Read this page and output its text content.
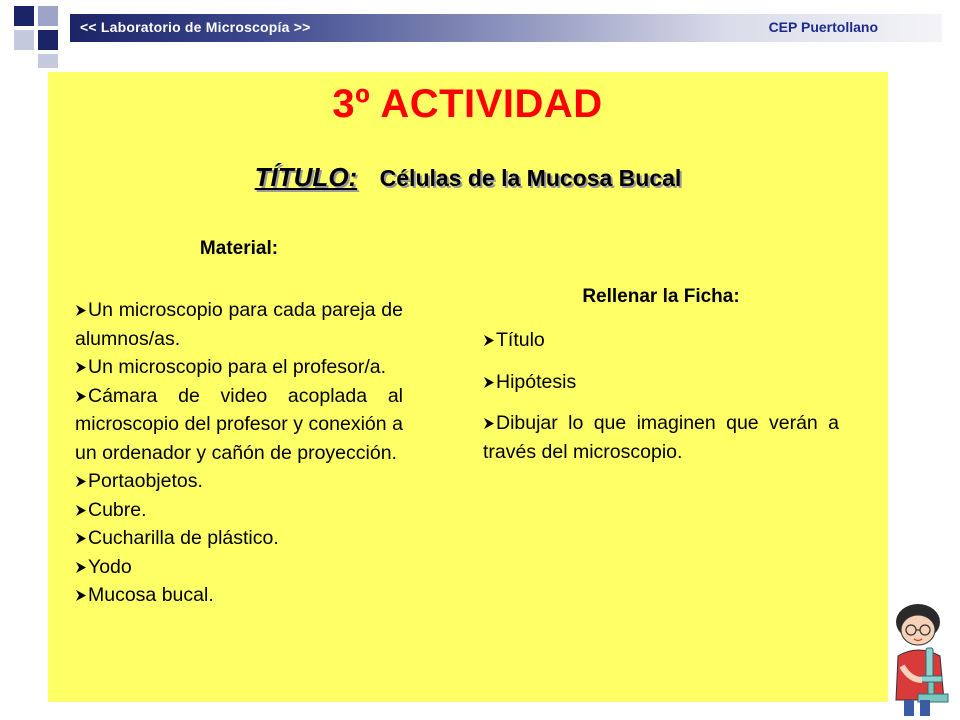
<< Laboratorio de Microscopía >>	CEP Puertollano
3º ACTIVIDAD
TÍTULO: Células de la Mucosa Bucal
Material:
Un microscopio para cada pareja de alumnos/as.
Un microscopio para el profesor/a.
Cámara de video acoplada al microscopio del profesor y conexión a un ordenador y cañón de proyección.
Portaobjetos.
Cubre.
Cucharilla de plástico.
Yodo
Mucosa bucal.
Rellenar la Ficha:
Título
Hipótesis
Dibujar lo que imaginen que verán a través del microscopio.
